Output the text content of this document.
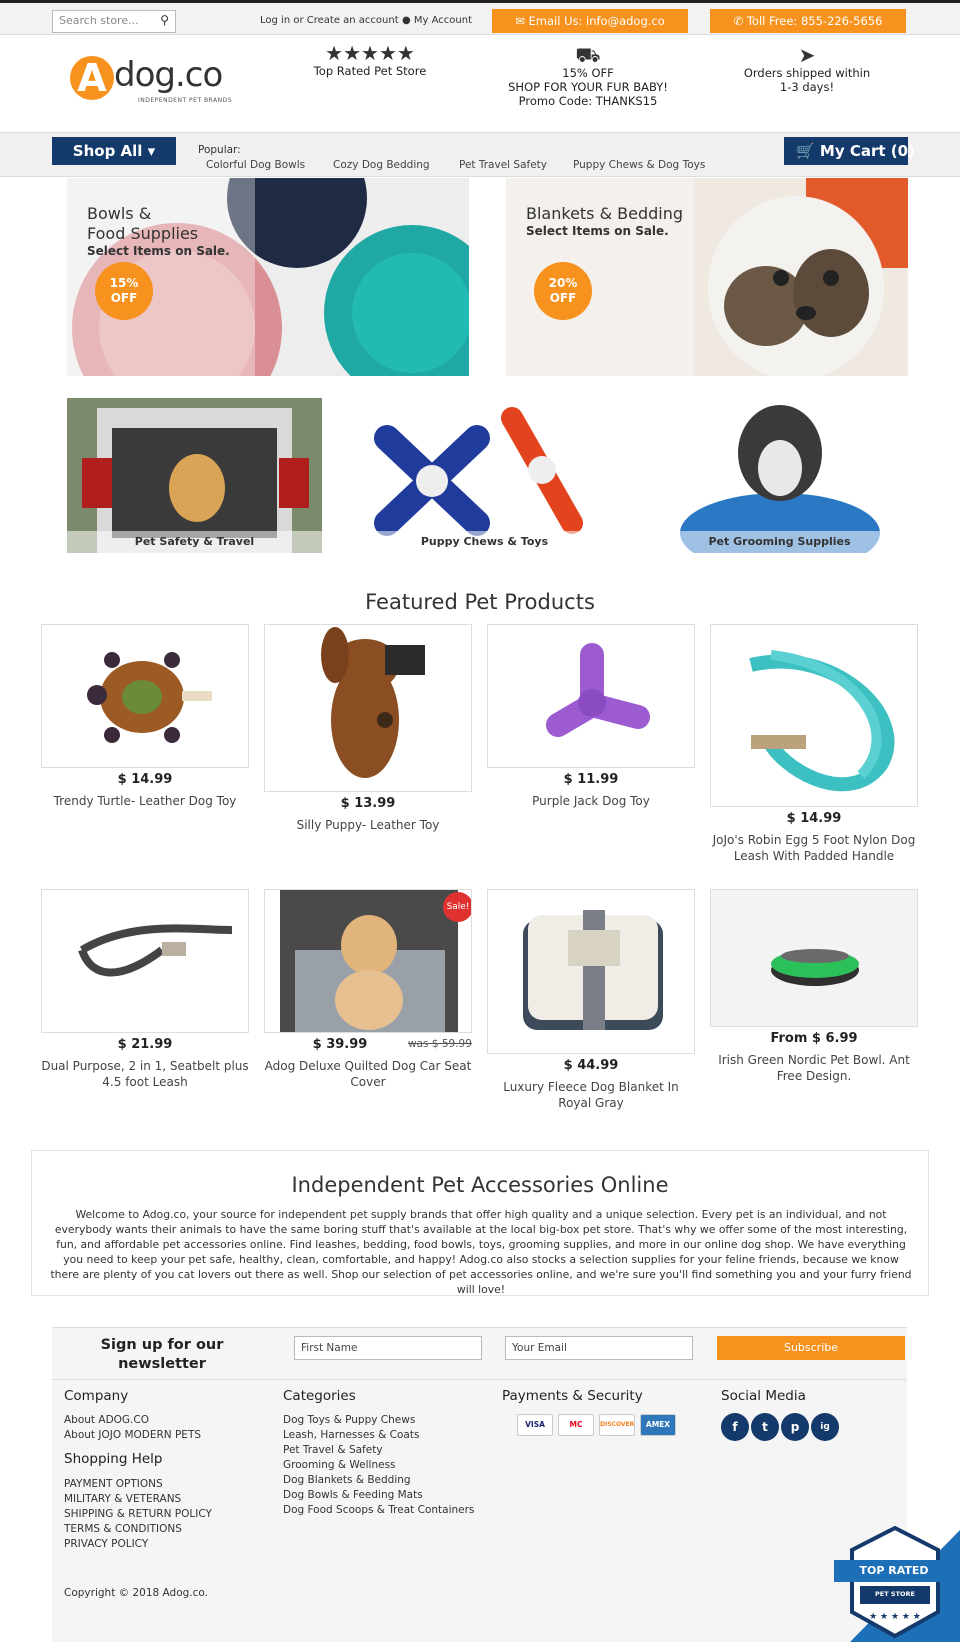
Search store... ⚲	Log in or Create an account ● My Account	✉ Email Us: info@adog.co	✆ Toll Free: 855-226-5656
A dog.co
INDEPENDENT PET BRANDS
★★★★★
Top Rated Pet Store
⛟
15% OFF
SHOP FOR YOUR FUR BABY!
Promo Code: THANKS15
➤
Orders shipped within
1-3 days!
Shop All ▾	Popular:
Colorful Dog Bowls	Cozy Dog Bedding	Pet Travel Safety Puppy Chews & Dog Toys
🛒 My Cart (0)
Bowls &
Food Supplies
Select Items on Sale.
15%
OFF
Blankets & Bedding
Select Items on Sale.
20%
OFF
Pet Safety & Travel	Puppy Chews & Toys	Pet Grooming Supplies
Featured Pet Products
$ 14.99
Trendy Turtle- Leather Dog Toy	$ 13.99
Silly Puppy- Leather Toy
$ 11.99
Purple Jack Dog Toy
$ 14.99
JoJo's Robin Egg 5 Foot Nylon Dog Leash With Padded Handle
$ 21.99
Dual Purpose, 2 in 1, Seatbelt plus 4.5 foot Leash
Sale!
$ 39.99	was $ 59.99
Adog Deluxe Quilted Dog Car Seat Cover
$ 44.99
Luxury Fleece Dog Blanket In Royal Gray
From $ 6.99
Irish Green Nordic Pet Bowl. Ant Free Design.
Independent Pet Accessories Online
Welcome to Adog.co, your source for independent pet supply brands that offer high quality and a unique selection. Every pet is an individual, and not everybody wants their animals to have the same boring stuff that's available at the local big-box pet store. That's why we offer some of the most interesting, fun, and affordable pet accessories online. Find leashes, bedding, food bowls, toys, grooming supplies, and more in our online dog shop. We have everything you need to keep your pet safe, healthy, clean, comfortable, and happy! Adog.co also stocks a selection supplies for your feline friends, because we know there are plenty of you cat lovers out there as well. Shop our selection of pet accessories online, and we're sure you'll find something you and your furry friend will love!
Sign up for our newsletter
First Name	Your Email	Subscribe
Company
About ADOG.CO
About JOJO MODERN PETS
Shopping Help
PAYMENT OPTIONS
MILITARY & VETERANS
SHIPPING & RETURN POLICY
TERMS & CONDITIONS
PRIVACY POLICY
Categories
Dog Toys & Puppy Chews
Leash, Harnesses & Coats
Pet Travel & Safety
Grooming & Wellness
Dog Blankets & Bedding
Dog Bowls & Feeding Mats
Dog Food Scoops & Treat Containers
Payments & Security
VISA	MC	DISCOVER	AMEX
Social Media
f	t	p	ig
Copyright © 2018 Adog.co.
TOP RATED
PET STORE
★ ★ ★ ★ ★
